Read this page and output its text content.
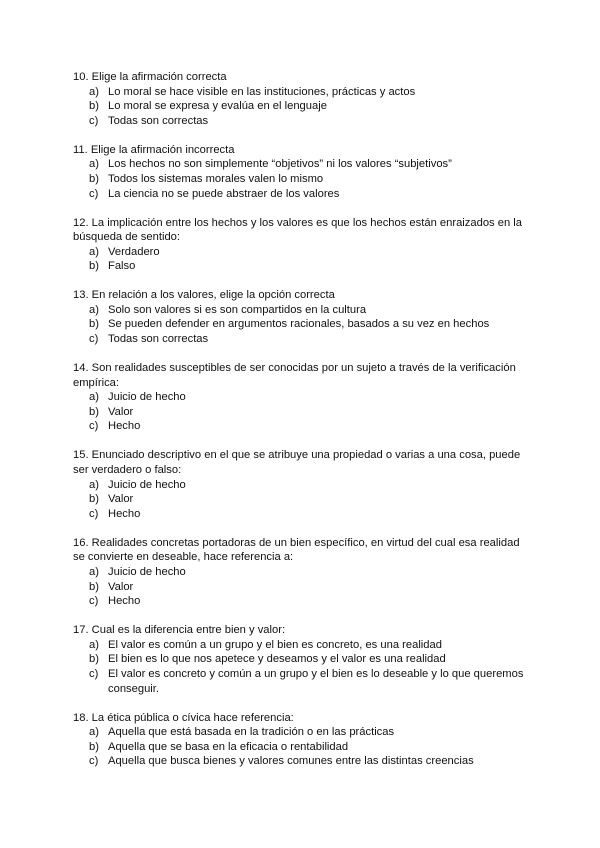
10. Elige la afirmación correcta

a) Lo moral se hace visible en las instituciones, prácticas y actos
b) Lo moral se expresa y evalúa en el lenguaje
c) Todas son correctas

11. Elige la afirmación incorrecta

a) Los hechos no son simplemente “objetivos” ni los valores “subjetivos”
b) Todos los sistemas morales valen lo mismo
c) La ciencia no se puede abstraer de los valores

12. La implicación entre los hechos y los valores es que los hechos están enraizados en la búsqueda de sentido:

a) Verdadero
b) Falso

13. En relación a los valores, elige la opción correcta

a) Solo son valores si es son compartidos en la cultura
b) Se pueden defender en argumentos racionales, basados a su vez en hechos
c) Todas son correctas

14. Son realidades susceptibles de ser conocidas por un sujeto a través de la verificación empírica:

a) Juicio de hecho
b) Valor
c) Hecho

15. Enunciado descriptivo en el que se atribuye una propiedad o varias a una cosa, puede ser verdadero o falso:

a) Juicio de hecho
b) Valor
c) Hecho

16. Realidades concretas portadoras de un bien específico, en virtud del cual esa realidad se convierte en deseable, hace referencia a:

a) Juicio de hecho
b) Valor
c) Hecho

17. Cual es la diferencia entre bien y valor:

a) El valor es común a un grupo y el bien es concreto, es una realidad
b) El bien es lo que nos apetece y deseamos y el valor es una realidad
c) El valor es concreto y común a un grupo y el bien es lo deseable y lo que queremos conseguir.

18. La ética pública o cívica hace referencia:

a) Aquella que está basada en la tradición o en las prácticas
b) Aquella que se basa en la eficacia o rentabilidad
c) Aquella que busca bienes y valores comunes entre las distintas creencias
